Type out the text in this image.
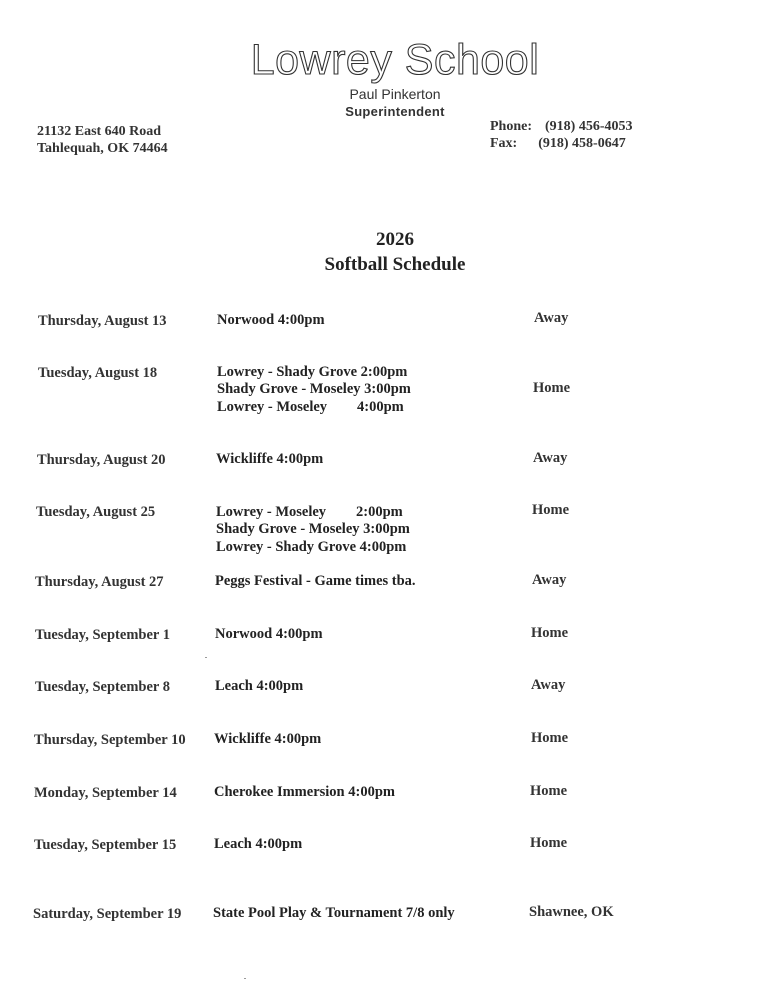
Lowrey School
Paul Pinkerton
Superintendent
21132 East 640 Road
Tahlequah, OK 74464
Phone: (918) 456-4053
Fax: (918) 458-0647
2026
Softball Schedule
Thursday, August 13	Norwood 4:00pm	Away
Tuesday, August 18	Lowrey - Shady Grove 2:00pm
Shady Grove - Moseley 3:00pm
Lowrey - Moseley 4:00pm
Home
Thursday, August 20	Wickliffe 4:00pm	Away
Tuesday, August 25	Lowrey - Moseley 2:00pm
Shady Grove - Moseley 3:00pm
Lowrey - Shady Grove 4:00pm
Home
Thursday, August 27	Peggs Festival - Game times tba.	Away
Tuesday, September 1	Norwood 4:00pm	Home
Tuesday, September 8	Leach 4:00pm	Away
Thursday, September 10 Wickliffe 4:00pm	Home
Monday, September 14	Cherokee Immersion 4:00pm	Home
Tuesday, September 15	Leach 4:00pm	Home
Saturday, September 19 State Pool Play & Tournament 7/8 only	Shawnee, OK
